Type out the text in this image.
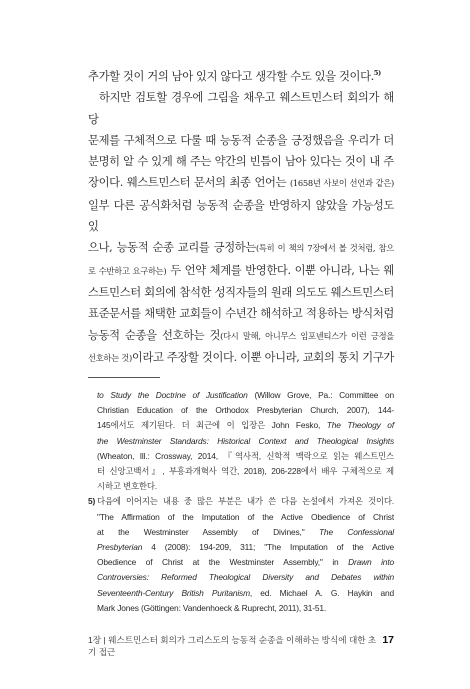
추가할 것이 거의 남아 있지 않다고 생각할 수도 있을 것이다.$^{5)}$

하지만 검토할 경우에 그림을 채우고 웨스트민스터 회의가 해당

문제를 구체적으로 다룰 때 능동적 순종을 긍정했음을 우리가 더

분명히 알 수 있게 해 주는 약간의 빈틈이 남아 있다는 것이 내 주

장이다. 웨스트민스터 문서의 최종 언어는 (1658년 사보이 선언과 같은)

일부 다른 공식화처럼 능동적 순종을 반영하지 않았을 가능성도 있

으나, 능동적 순종 교리를 긍정하는(특히 이 책의 7장에서 볼 것처럼, 참으

로 수반하고 요구하는) 두 언약 체계를 반영한다. 이뿐 아니라, 나는 웨

스트민스터 회의에 참석한 성직자들의 원래 의도도 웨스트민스터

표준문서를 채택한 교회들이 수년간 해석하고 적용하는 방식처럼

능동적 순종을 선호하는 것(다시 말해, 아니무스 임포넨티스가 이런 긍정을

선호하는 것)이라고 주장할 것이다. 이뿐 아니라, 교회의 통치 기구가

to Study the Doctrine of Justification (Willow Grove, Pa.: Committee on
Christian Education of the Orthodox Presbyterian Church, 2007), 144-
145에서도 제기된다. 더 최근에 이 입장은 John Fesko, The Theology of
the Westminster Standards: Historical Context and Theological Insights
(Wheaton, Ill.: Crossway, 2014, 『역사적, 신학적 맥락으로 읽는 웨스트민스
터 신앙고백서』, 부흥과개혁사 역간, 2018), 206-228에서 배우 구체적으로 제
시하고 변호한다.
5) 다음에 이어지는 내용 중 많은 부분은 내가 쓴 다음 논설에서 가져온 것이다.
"The Affirmation of the Imputation of the Active Obedience of Christ
at the Westminster Assembly of Divines," The Confessional
Presbyterian 4 (2008): 194-209, 311; "The Imputation of the Active
Obedience of Christ at the Westminster Assembly," in Drawn into
Controversies: Reformed Theological Diversity and Debates within
Seventeenth-Century British Puritanism, ed. Michael A. G. Haykin and
Mark Jones (Göttingen: Vandenhoeck & Ruprecht, 2011), 31-51.
1장 | 웨스트민스터 회의가 그리스도의 능동적 순종을 이해하는 방식에 대한 초기 접근
17
